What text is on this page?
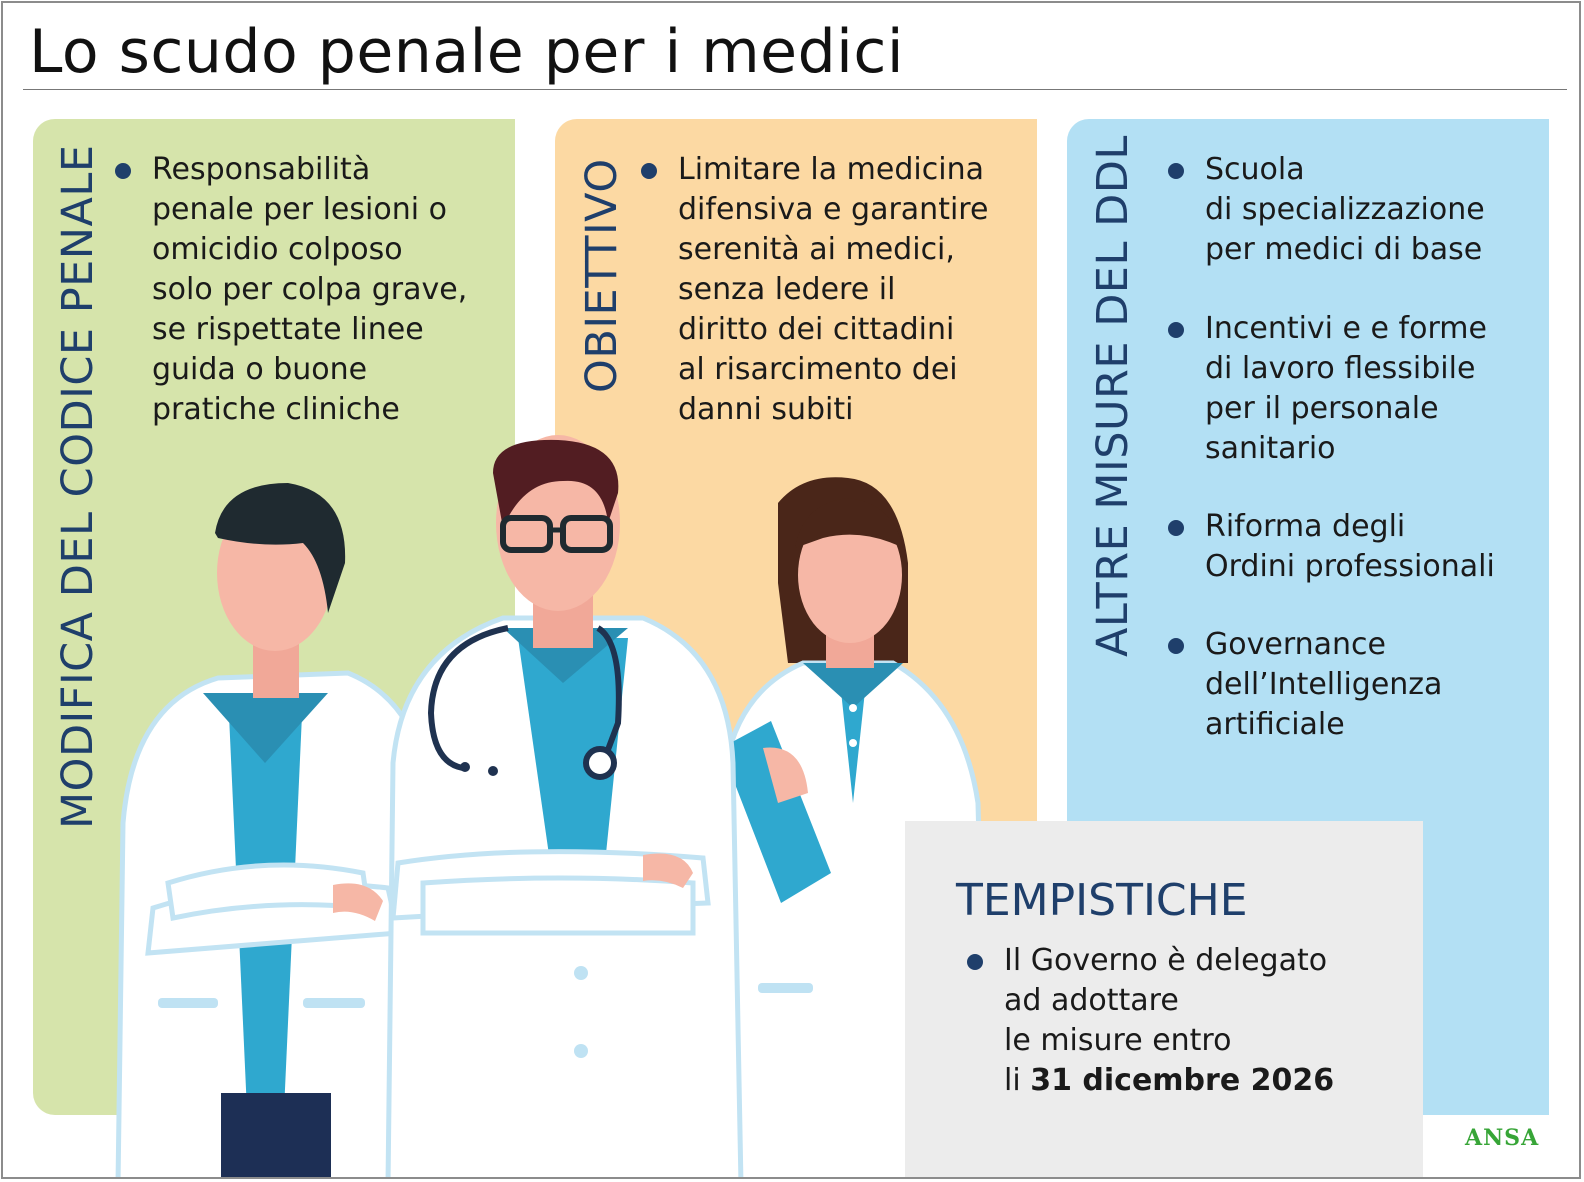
Lo scudo penale per i medici
MODIFICA DEL CODICE PENALE	OBIETTIVO	ALTRE MISURE DEL DDL
Responsabilità
penale per lesioni o
omicidio colposo
solo per colpa grave,
se rispettate linee
guida o buone
pratiche cliniche
Limitare la medicina
difensiva e garantire
serenità ai medici,
senza ledere il
diritto dei cittadini
al risarcimento dei
danni subiti
Scuola
di specializzazione
per medici di base
Incentivi e e forme
di lavoro flessibile
per il personale
sanitario
Riforma degli
Ordini professionali
Governance
dell’Intelligenza
artificiale
TEMPISTICHE
Il Governo è delegato
ad adottare
le misure entro
li 31 dicembre 2026
ANSA
